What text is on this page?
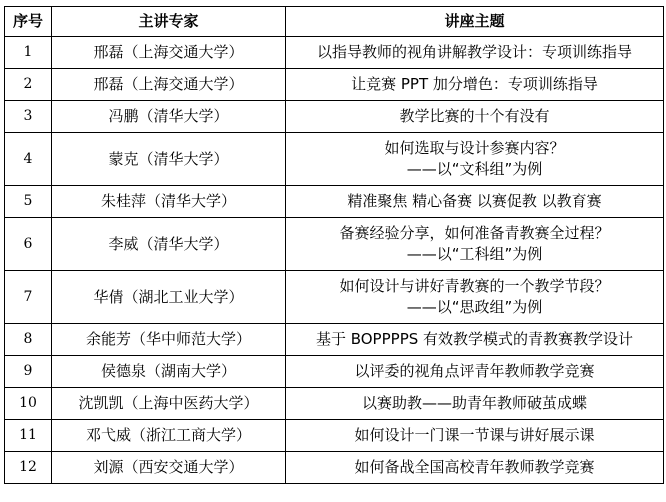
序号	主讲专家	讲座主题
1	邢磊（上海交通大学）	以指导教师的视角讲解教学设计：专项训练指导

2	邢磊（上海交通大学）	让竞赛 PPT 加分增色：专项训练指导

3	冯鹏（清华大学）	教学比赛的十个有没有

4	蒙克（清华大学）	如何选取与设计参赛内容？
——以“文科组”为例

5	朱桂萍（清华大学）	精准聚焦 精心备赛 以赛促教 以教育赛

6	李威（清华大学）	备赛经验分享，如何准备青教赛全过程？
——以“工科组”为例

7	华倩（湖北工业大学）	如何设计与讲好青教赛的一个教学节段？
——以“思政组”为例

8	余能芳（华中师范大学）	基于 BOPPPPS 有效教学模式的青教赛教学设计

9	侯德泉（湖南大学）	以评委的视角点评青年教师教学竞赛

10	沈凯凯（上海中医药大学）	以赛助教——助青年教师破茧成蝶

11	邓弋威（浙江工商大学）	如何设计一门课一节课与讲好展示课

12	刘源（西安交通大学）	如何备战全国高校青年教师教学竞赛
